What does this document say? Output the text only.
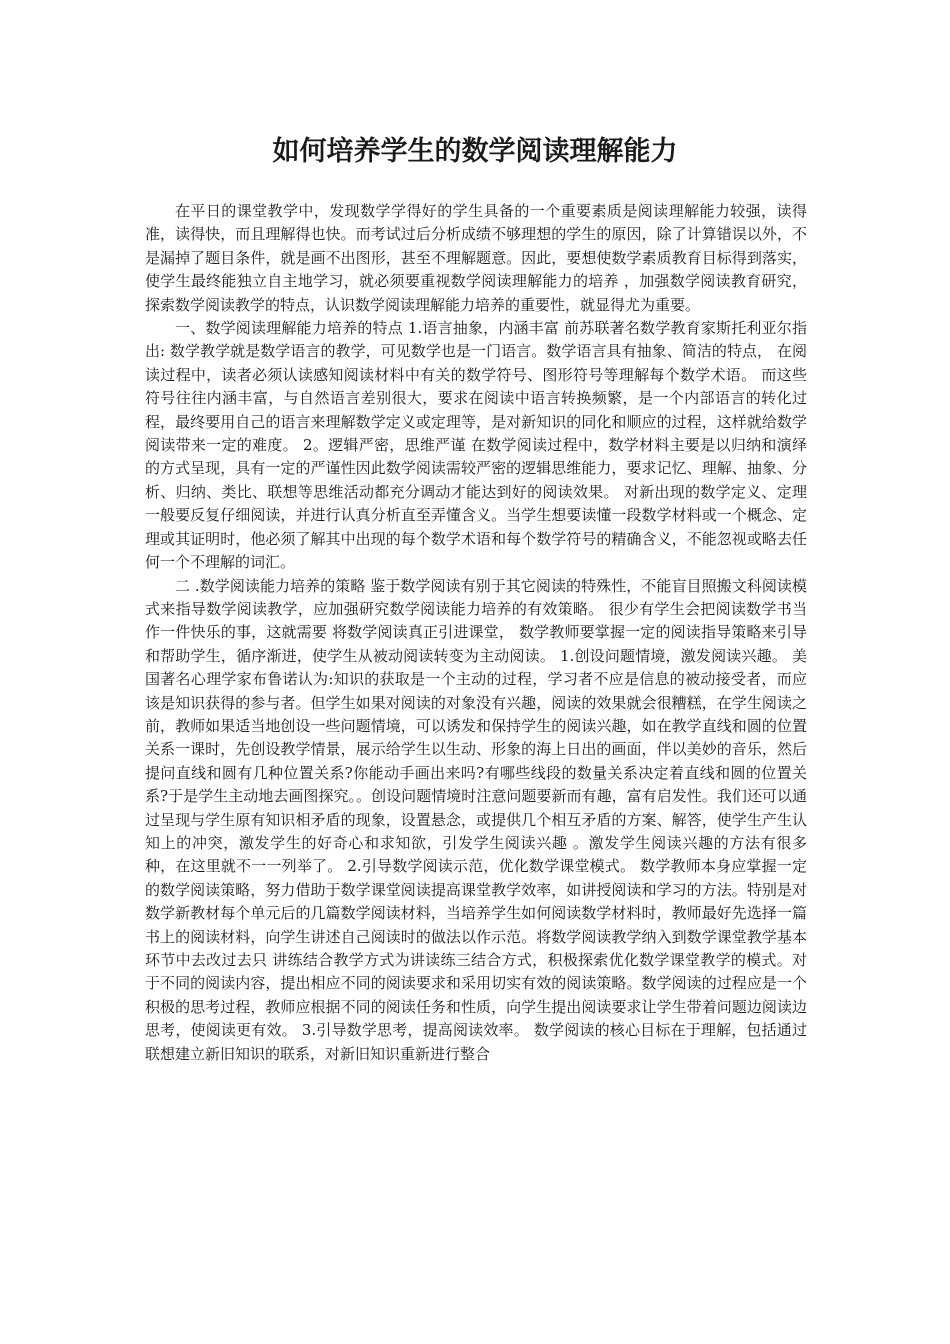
如何培养学生的数学阅读理解能力

在平日的课堂教学中，发现数学学得好的学生具备的一个重要素质是阅读理解能力较强，读得准，读得快，而且理解得也快。而考试过后分析成绩不够理想的学生的原因，除了计算错误以外，不是漏掉了题目条件，就是画不出图形，甚至不理解题意。因此，要想使数学素质教育目标得到落实，使学生最终能独立自主地学习，就必须要重视数学阅读理解能力的培养 ，加强数学阅读教育研究，探索数学阅读教学的特点，认识数学阅读理解能力培养的重要性，就显得尤为重要。

一、数学阅读理解能力培养的特点 1.语言抽象，内涵丰富 前苏联著名数学教育家斯托利亚尔指出: 数学教学就是数学语言的教学，可见数学也是一门语言。数学语言具有抽象、简洁的特点， 在阅读过程中，读者必须认读感知阅读材料中有关的数学符号、图形符号等理解每个数学术语。 而这些符号往往内涵丰富，与自然语言差别很大，要求在阅读中语言转换频繁，是一个内部语言的转化过程，最终要用自己的语言来理解数学定义或定理等，是对新知识的同化和顺应的过程，这样就给数学阅读带来一定的难度。 2。逻辑严密，思维严谨 在数学阅读过程中，数学材料主要是以归纳和演绎的方式呈现，具有一定的严谨性因此数学阅读需较严密的逻辑思维能力，要求记忆、理解、抽象、分析、归纳、类比、联想等思维活动都充分调动才能达到好的阅读效果。 对新出现的数学定义、定理一般要反复仔细阅读，并进行认真分析直至弄懂含义。当学生想要读懂一段数学材料或一个概念、定理或其证明时，他必须了解其中出现的每个数学术语和每个数学符号的精确含义，不能忽视或略去任何一个不理解的词汇。

二 .数学阅读能力培养的策略 鉴于数学阅读有别于其它阅读的特殊性，不能盲目照搬文科阅读模式来指导数学阅读教学，应加强研究数学阅读能力培养的有效策略。 很少有学生会把阅读数学书当作一件快乐的事，这就需要 将数学阅读真正引进课堂， 数学教师要掌握一定的阅读指导策略来引导和帮助学生，循序渐进，使学生从被动阅读转变为主动阅读。 1.创设问题情境，激发阅读兴趣。 美国著名心理学家布鲁诺认为:知识的获取是一个主动的过程，学习者不应是信息的被动接受者，而应该是知识获得的参与者。但学生如果对阅读的对象没有兴趣，阅读的效果就会很糟糕，在学生阅读之前，教师如果适当地创设一些问题情境，可以诱发和保持学生的阅读兴趣，如在教学直线和圆的位置关系一课时，先创设教学情景，展示给学生以生动、形象的海上日出的画面，伴以美妙的音乐，然后提问直线和圆有几种位置关系?你能动手画出来吗?有哪些线段的数量关系决定着直线和圆的位置关系?于是学生主动地去画图探究。。创设问题情境时注意问题要新而有趣，富有启发性。我们还可以通过呈现与学生原有知识相矛盾的现象，设置悬念，或提供几个相互矛盾的方案、解答，使学生产生认知上的冲突，激发学生的好奇心和求知欲，引发学生阅读兴趣 。激发学生阅读兴趣的方法有很多种，在这里就不一一列举了。 2.引导数学阅读示范，优化数学课堂模式。 数学教师本身应掌握一定的数学阅读策略，努力借助于数学课堂阅读提高课堂教学效率，如讲授阅读和学习的方法。特别是对数学新教材每个单元后的几篇数学阅读材料，当培养学生如何阅读数学材料时，教师最好先选择一篇书上的阅读材料，向学生讲述自己阅读时的做法以作示范。将数学阅读教学纳入到数学课堂教学基本环节中去改过去只 讲练结合教学方式为讲读练三结合方式，积极探索优化数学课堂教学的模式。对于不同的阅读内容，提出相应不同的阅读要求和采用切实有效的阅读策略。数学阅读的过程应是一个积极的思考过程，教师应根据不同的阅读任务和性质，向学生提出阅读要求让学生带着问题边阅读边思考，使阅读更有效。 3.引导数学思考，提高阅读效率。 数学阅读的核心目标在于理解，包括通过联想建立新旧知识的联系，对新旧知识重新进行整合
